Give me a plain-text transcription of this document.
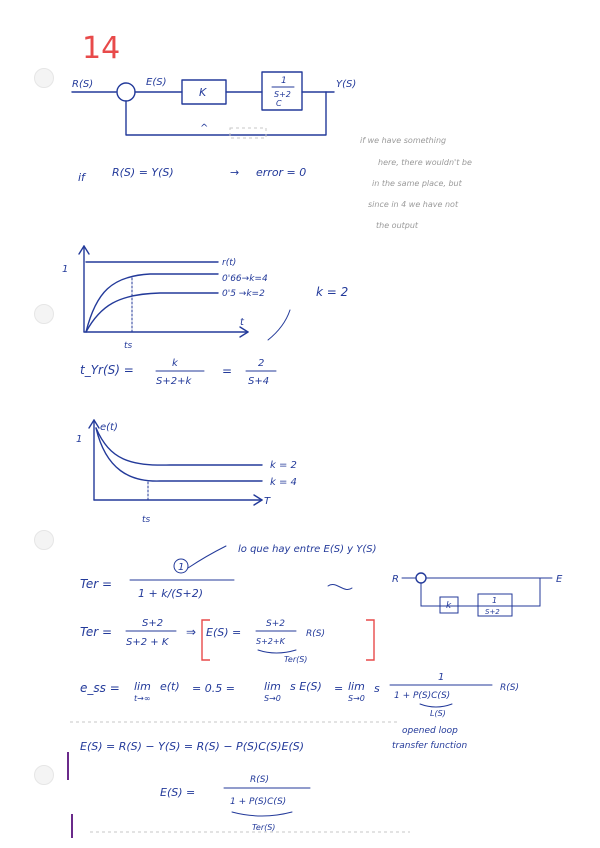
14
R(S)	E(S)
K
1
S+2
C
Y(S)
^
if R(S) = Y(S)	→ error = 0
if we have something
here, there wouldn't be
in the same place, but
since in 4 we have not
the output
1
t
ts
r(t)
0'66→k=4
0'5 →k=2	k = 2
t_Yr(S) =	k
S+2+k
=
2
S+4
e(t)
1
T
ts
k = 2
k = 4
lo que hay entre E(S) y Y(S)
Ter =
1
1 + k/(S+2)
R	E
k
1
S+2
Ter =
S+2
S+2 + K
⇒ E(S) =
S+2
S+2+K
R(S)
Ter(S)
e_ss = lim
t→∞
e(t) = 0.5 =	lim
S→0
s E(S) = lim
S→0
s
1
1 + P(S)C(S)
R(S)
L(S)
opened loop
transfer function
E(S) = R(S) − Y(S) = R(S) − P(S)C(S)E(S)
E(S) =
R(S)
1 + P(S)C(S)
Ter(S)
